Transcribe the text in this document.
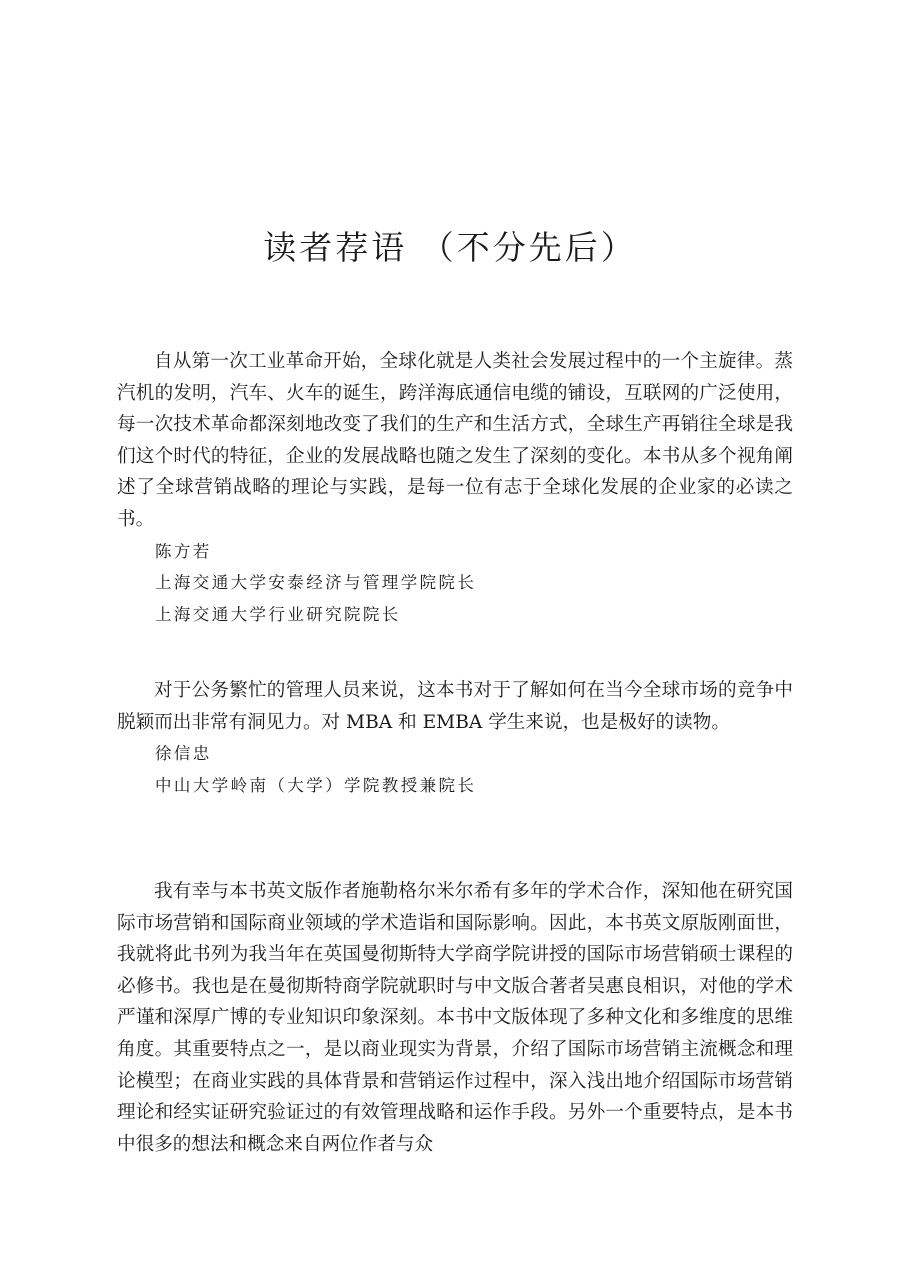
读者荐语 （不分先后）

自从第一次工业革命开始，全球化就是人类社会发展过程中的一个主旋律。蒸汽机的发明，汽车、火车的诞生，跨洋海底通信电缆的铺设，互联网的广泛使用，每一次技术革命都深刻地改变了我们的生产和生活方式，全球生产再销往全球是我们这个时代的特征，企业的发展战略也随之发生了深刻的变化。本书从多个视角阐述了全球营销战略的理论与实践，是每一位有志于全球化发展的企业家的必读之书。

陈方若

上海交通大学安泰经济与管理学院院长

上海交通大学行业研究院院长

对于公务繁忙的管理人员来说，这本书对于了解如何在当今全球市场的竞争中脱颖而出非常有洞见力。对 MBA 和 EMBA 学生来说，也是极好的读物。

徐信忠

中山大学岭南（大学）学院教授兼院长

我有幸与本书英文版作者施勒格尔米尔希有多年的学术合作，深知他在研究国际市场营销和国际商业领域的学术造诣和国际影响。因此，本书英文原版刚面世，我就将此书列为我当年在英国曼彻斯特大学商学院讲授的国际市场营销硕士课程的必修书。我也是在曼彻斯特商学院就职时与中文版合著者吴惠良相识，对他的学术严谨和深厚广博的专业知识印象深刻。本书中文版体现了多种文化和多维度的思维角度。其重要特点之一，是以商业现实为背景，介绍了国际市场营销主流概念和理论模型；在商业实践的具体背景和营销运作过程中，深入浅出地介绍国际市场营销理论和经实证研究验证过的有效管理战略和运作手段。另外一个重要特点，是本书中很多的想法和概念来自两位作者与众
